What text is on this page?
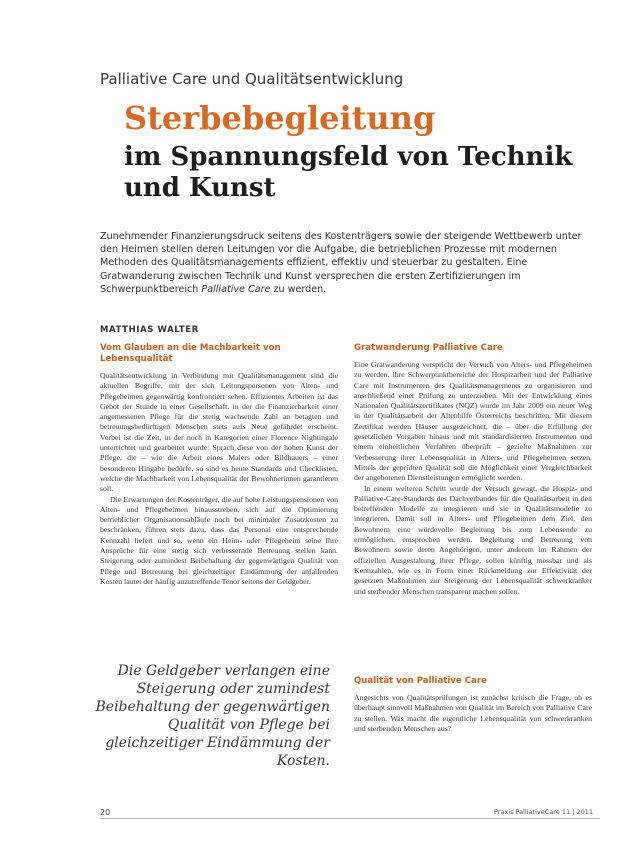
Palliative Care und Qualitätsentwicklung
Sterbebegleitung
im Spannungsfeld von Technik und Kunst
Zunehmender Finanzierungsdruck seitens des Kostenträgers sowie der steigende Wettbewerb unter den Heimen stellen deren Leitungen vor die Aufgabe, die betrieblichen Prozesse mit modernen Methoden des Qualitätsmanagements effizient, effektiv und steuerbar zu gestalten. Eine Gratwanderung zwischen Technik und Kunst versprechen die ersten Zertifizierungen im Schwerpunktbereich Palliative Care zu werden.
MATTHIAS WALTER
Vom Glauben an die Machbarkeit von Lebensqualität

Qualitätsentwicklung in Verbindung mit Qualitätsmanagement sind die aktuellen Begriffe, mit der sich Leitungspersonen von Alten- und Pflegeheimen gegenwärtig konfrontiert sehen. Effizientes Arbeiten ist das Gebot der Stunde in einer Gesellschaft, in der die Finanzierbarkeit einer angemessenen Pflege für die stetig wachsende Zahl an betagten und betreuungsbedürftigen Menschen stets aufs Neue gefährdet erscheint. Vorbei ist die Zeit, in der noch in Kategorien einer Florence Nightingale unterrichtet und gearbeitet wurde: Sprach diese von der hohen Kunst der Pflege, die – wie die Arbeit eines Malers oder Bildhauers – einer besonderen Hingabe bedürfe, so sind es heute Standards und Checklisten, welche die Machbarkeit von Lebensqualität der Bewohnerinnen garantieren soll.

Die Erwartungen der Kostenträger, die auf hohe Leistungspensionen von Alten- und Pflegeheimen hinausstreben, sich auf die Optimierung betrieblicher Organisationsabläufe noch bei minimaler Zusatzkosten zu beschränken, führen stets dazu, dass das Personal eine entsprechende Kennzahl liefert und so, wenn ein Heim- oder Pflegeheim seine Ihre Ansprüche für eine stetig sich verbessernde Betreuung stellen kann. Steigerung oder zumindest Beibehaltung der gegenwärtigen Qualität von Pflege und Betreuung bei gleichzeitiger Eindämmung der anfallenden Kosten lautet der häufig anzutreffende Tenor seitens der Geldgeber.

Gratwanderung Palliative Care

Eine Gratwanderung verspricht der Versuch von Alters- und Pflegeheimen zu werden, ihre Schwerpunktbereiche der Hospizarbeit und der Palliative Care mit Instrumenten des Qualitätsmanagements zu organisieren und anschließend einer Prüfung zu unterziehen. Mit der Entwicklung eines Nationalen Qualitätszertifikates (NQZ) wurde im Jahr 2009 ein neuer Weg in der Qualitätsarbeit der Altenhilfe Österreichs beschritten. Mit diesem Zertifikat werden Häuser ausgezeichnet, die – über die Erfüllung der gesetzlichen Vorgaben hinaus und mit standardisierten Instrumenten und einem einheitlichen Verfahren überprüft – gezielte Maßnahmen zur Verbesserung ihrer Lebensqualität in Alters- und Pflegeheimen setzen. Mittels der geprüften Qualität soll die Möglichkeit einer Vergleichbarkeit der angebotenen Dienstleistungen ermöglicht werden.

In einem weiteren Schritt wurde der Versuch gewagt, die Hospiz- und Palliative-Care-Standards des Dachverbandes für die Qualitätsarbeit in den betreffenden Modelle zu integrieren und sie in Qualitätsmodelle zu integrieren. Damit soll in Alters- und Pflegeheimen dem Ziel, den Bewohnern eine würdevolle Begleitung bis zum Lebensende zu ermöglichen, entsprochen werden. Begleitung und Betreuung von Bewohnern sowie deren Angehörigen, unter anderem im Rahmen der offiziellen Ausgestaltung ihrer Pflege, sollen künftig messbar und als Kennzahlen, wie es in Form einer Rückmeldung zur Effektivität der gesetzten Maßnahmen zur Steigerung der Lebensqualität schwerkranker und sterbender Menschen transparent machen sollen.

Qualität von Palliative Care

Angesichts von Qualitätsprüfungen ist zunächst kritisch die Frage, ob es überhaupt sinnvoll Maßnahmen von Qualität im Bereich von Palliative Care zu stellen. Was macht die eigentliche Lebensqualität von schwerkranken und sterbenden Menschen aus?

Die Geldgeber verlangen eine Steigerung oder zumindest Beibehaltung der gegenwärtigen Qualität von Pflege bei gleichzeitiger Eindämmung der Kosten.
20	Praxis PalliativeCare 11 | 2011
